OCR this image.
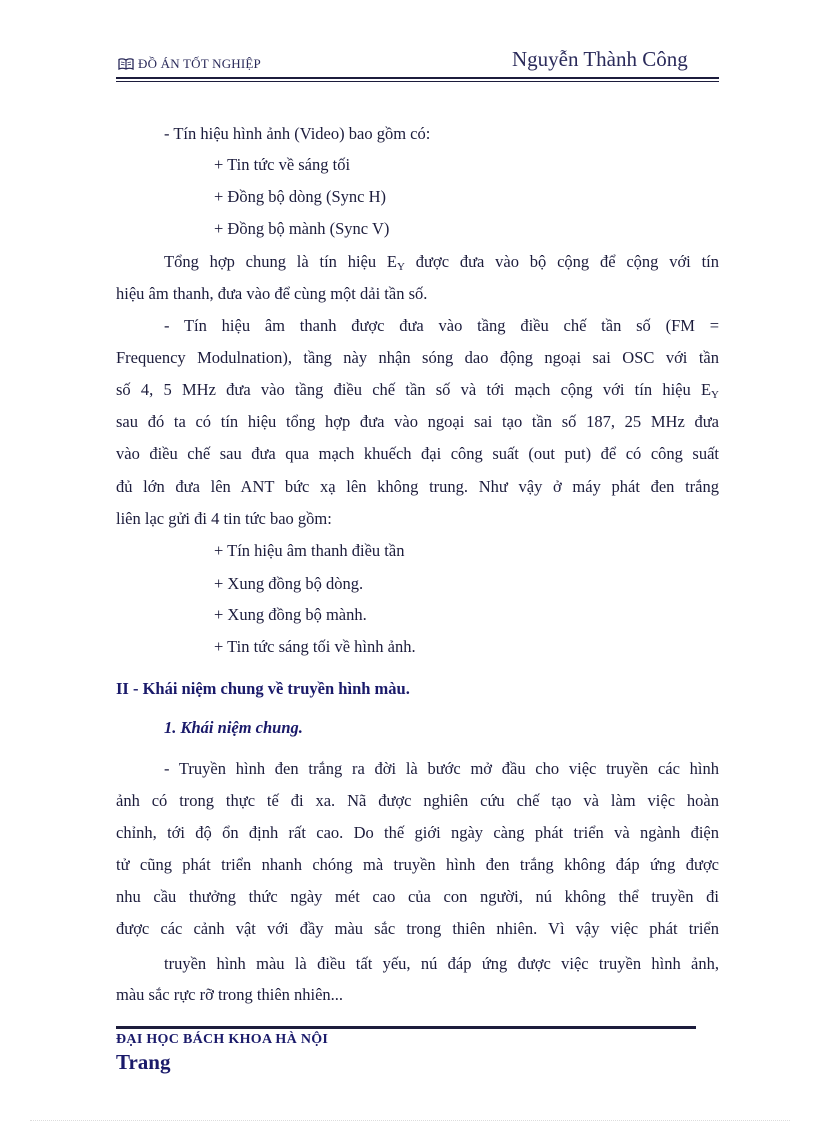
ĐỒ ÁN TỐT NGHIỆP	Nguyễn Thành Công
- Tín hiệu hình ảnh (Video) bao gồm có:
+ Tin tức về sáng tối
+ Đồng bộ dòng (Sync H)
+ Đồng bộ mành (Sync V)
Tổng hợp chung là tín hiệu $E_Y$ được đưa vào bộ cộng để cộng với tín
hiệu âm thanh, đưa vào để cùng một dải tần số.
- Tín hiệu âm thanh được đưa vào tầng điều chế tần số (FM =
Frequency Modulnation), tầng này nhận sóng dao động ngoại sai OSC với tần
số 4, 5 MHz đưa vào tầng điều chế tần số và tới mạch cộng với tín hiệu $E_Y$
sau đó ta có tín hiệu tổng hợp đưa vào ngoại sai tạo tần số 187, 25 MHz đưa
vào điều chế sau đưa qua mạch khuếch đại công suất (out put) để có công suất
đủ lớn đưa lên ANT bức xạ lên không trung. Như vậy ở máy phát đen trắng
liên lạc gửi đi 4 tin tức bao gồm:
+ Tín hiệu âm thanh điều tần
+ Xung đồng bộ dòng.
+ Xung đồng bộ mành.
+ Tin tức sáng tối về hình ảnh.
II - Khái niệm chung về truyền hình màu.
1. Khái niệm chung.
- Truyền hình đen trắng ra đời là bước mở đầu cho việc truyền các hình
ảnh có trong thực tế đi xa. Nã được nghiên cứu chế tạo và làm việc hoàn
chỉnh, tới độ ổn định rất cao. Do thế giới ngày càng phát triển và ngành điện
tử cũng phát triển nhanh chóng mà truyền hình đen trắng không đáp ứng được
nhu cầu thưởng thức ngày mét cao của con người, nú không thể truyền đi
được các cảnh vật với đầy màu sắc trong thiên nhiên. Vì vậy việc phát triển
truyền hình màu là điều tất yếu, nú đáp ứng được việc truyền hình ảnh,
màu sắc rực rỡ trong thiên nhiên...
ĐẠI HỌC BÁCH KHOA HÀ NỘI
Trang
